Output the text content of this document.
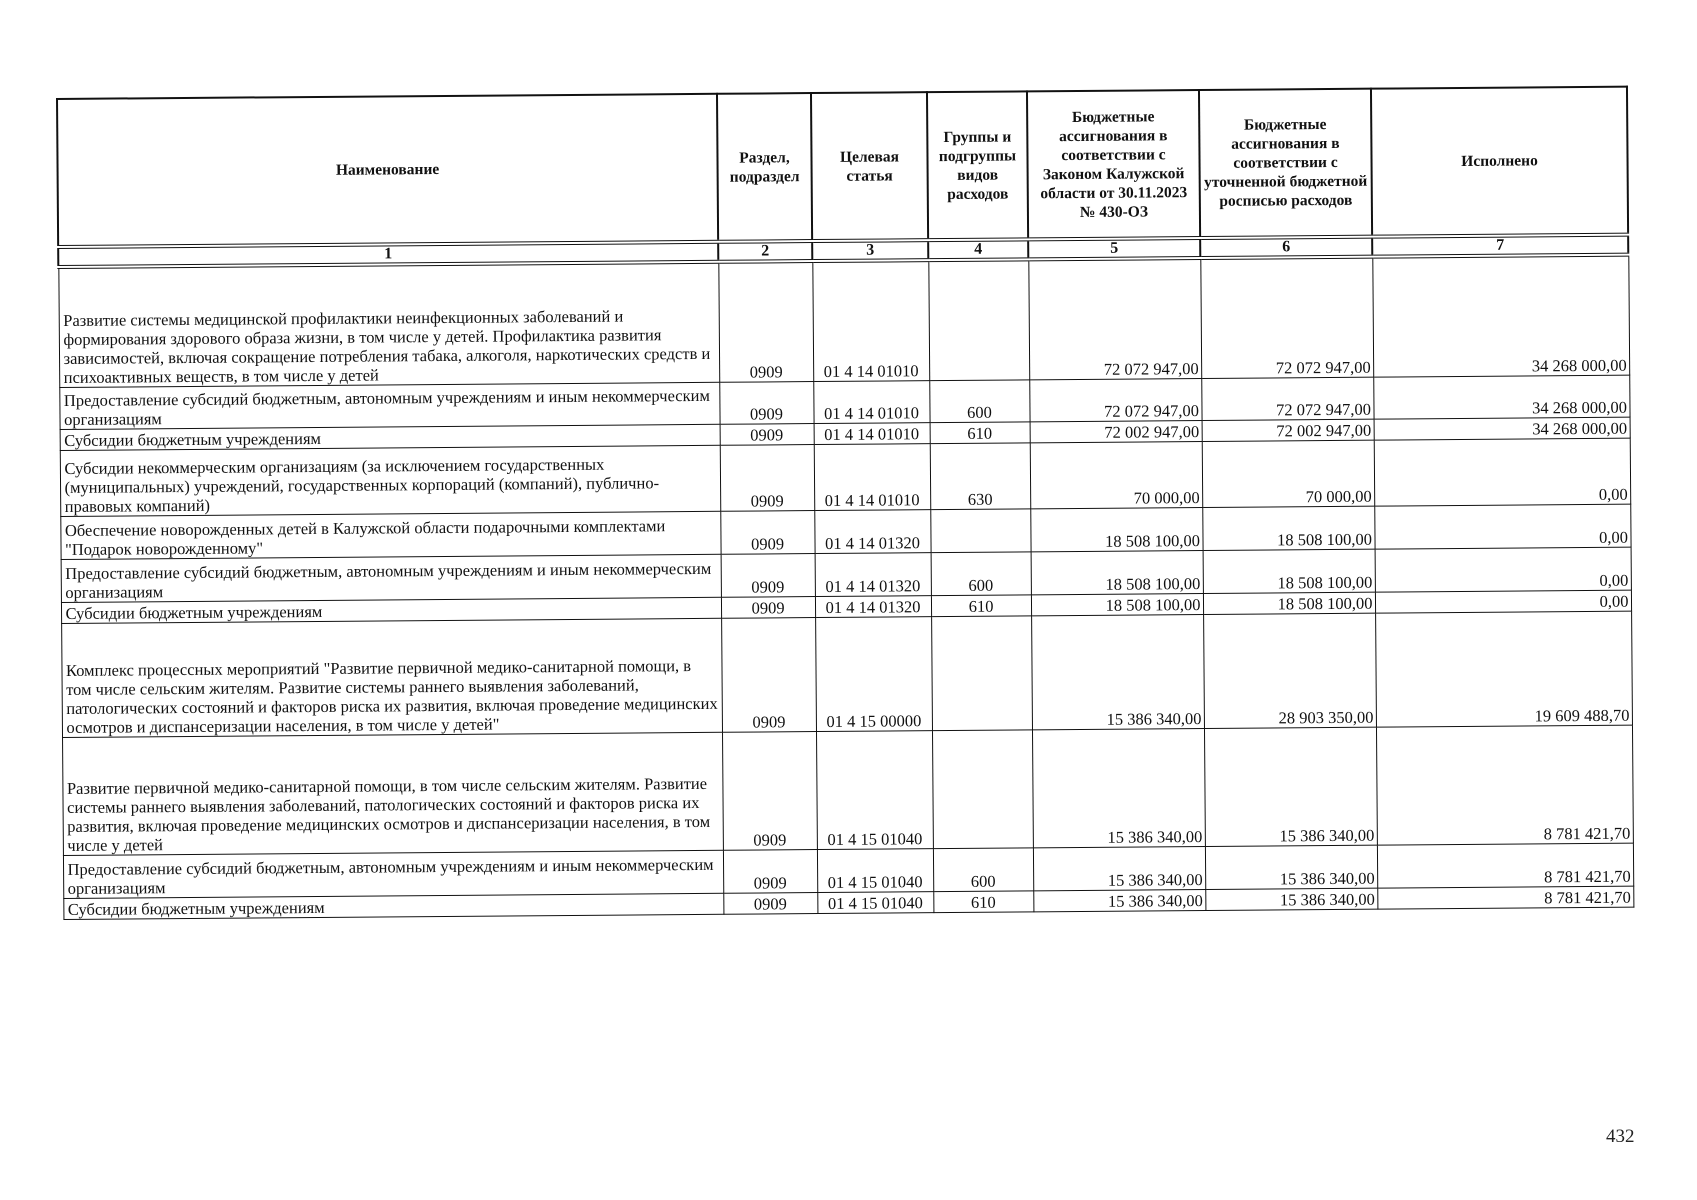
Наименование	Раздел, подраздел	Целевая статья	Группы и подгруппы видов расходов	Бюджетные ассигнования в соответствии с Законом Калужской области от 30.11.2023 № 430-ОЗ	Бюджетные ассигнования в соответствии с уточненной бюджетной росписью расходов	Исполнено
1	2	3	4	5	6	7
Развитие системы медицинской профилактики неинфекционных заболеваний и формирования здорового образа жизни, в том числе у детей. Профилактика развития зависимостей, включая сокращение потребления табака, алкоголя, наркотических средств и психоактивных веществ, в том числе у детей	0909	01 4 14 01010		72 072 947,00	72 072 947,00	34 268 000,00
Предоставление субсидий бюджетным, автономным учреждениям и иным некоммерческим организациям	0909	01 4 14 01010	600	72 072 947,00	72 072 947,00	34 268 000,00
Субсидии бюджетным учреждениям	0909	01 4 14 01010	610	72 002 947,00	72 002 947,00	34 268 000,00
Субсидии некоммерческим организациям (за исключением государственных (муниципальных) учреждений, государственных корпораций (компаний), публично-правовых компаний)	0909	01 4 14 01010	630	70 000,00	70 000,00	0,00
Обеспечение новорожденных детей в Калужской области подарочными комплектами "Подарок новорожденному"	0909	01 4 14 01320		18 508 100,00	18 508 100,00	0,00
Предоставление субсидий бюджетным, автономным учреждениям и иным некоммерческим организациям	0909	01 4 14 01320	600	18 508 100,00	18 508 100,00	0,00
Субсидии бюджетным учреждениям	0909	01 4 14 01320	610	18 508 100,00	18 508 100,00	0,00
Комплекс процессных мероприятий "Развитие первичной медико-санитарной помощи, в том числе сельским жителям. Развитие системы раннего выявления заболеваний, патологических состояний и факторов риска их развития, включая проведение медицинских осмотров и диспансеризации населения, в том числе у детей"	0909	01 4 15 00000		15 386 340,00	28 903 350,00	19 609 488,70
Развитие первичной медико-санитарной помощи, в том числе сельским жителям. Развитие системы раннего выявления заболеваний, патологических состояний и факторов риска их развития, включая проведение медицинских осмотров и диспансеризации населения, в том числе у детей	0909	01 4 15 01040		15 386 340,00	15 386 340,00	8 781 421,70
Предоставление субсидий бюджетным, автономным учреждениям и иным некоммерческим организациям	0909	01 4 15 01040	600	15 386 340,00	15 386 340,00	8 781 421,70
Субсидии бюджетным учреждениям	0909	01 4 15 01040	610	15 386 340,00	15 386 340,00	8 781 421,70
432
